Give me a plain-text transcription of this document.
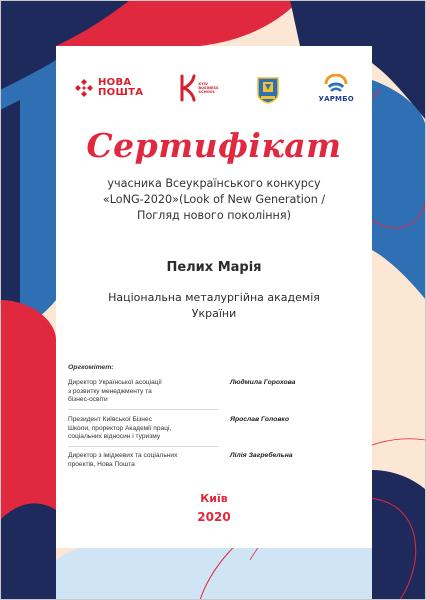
НОВА
ПОШТА
KYIV
BUSINESS
SCHOOL
УАРМБО
Сертифікат
учасника Всеукраїнського конкурсу
«LoNG-2020»(Look of New Generation /
Погляд нового покоління)
Пелих Марія
Національна металургійна академія
України
Оргкомітет:
Директор Української асоціації
з розвитку менеджменту та
бізнес-освіти
Людмила Горохова
Президент Київської Бізнес
Школи, проректор Академії праці,
соціальних відносин і туризму
Ярослав Головко
Директор з іміджевих та соціальних
проектів, Нова Пошта
Лілія Загребельна
Київ
2020
